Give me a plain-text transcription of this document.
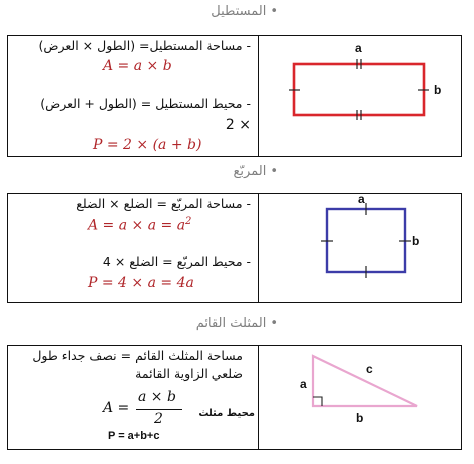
•المستطيل
- مساحة المستطيل= (الطول × العرض)
A = a × b
- محيط المستطيل = (الطول + العرض)
2 ×
P = 2 × (a + b)
a
b
•المربّع
- مساحة المربّع = الضلع × الضلع
$A = a \times a = a^2$
- محيط المربّع = الضلع × 4
P = 4 × a = 4a
a
b
•المثلث القائم
مساحة المثلث القائم = نصف جداء طول
ضلعي الزاوية القائمة
A =
a × b
2	محيط مثلث
P = a+b+c
a
b
c
